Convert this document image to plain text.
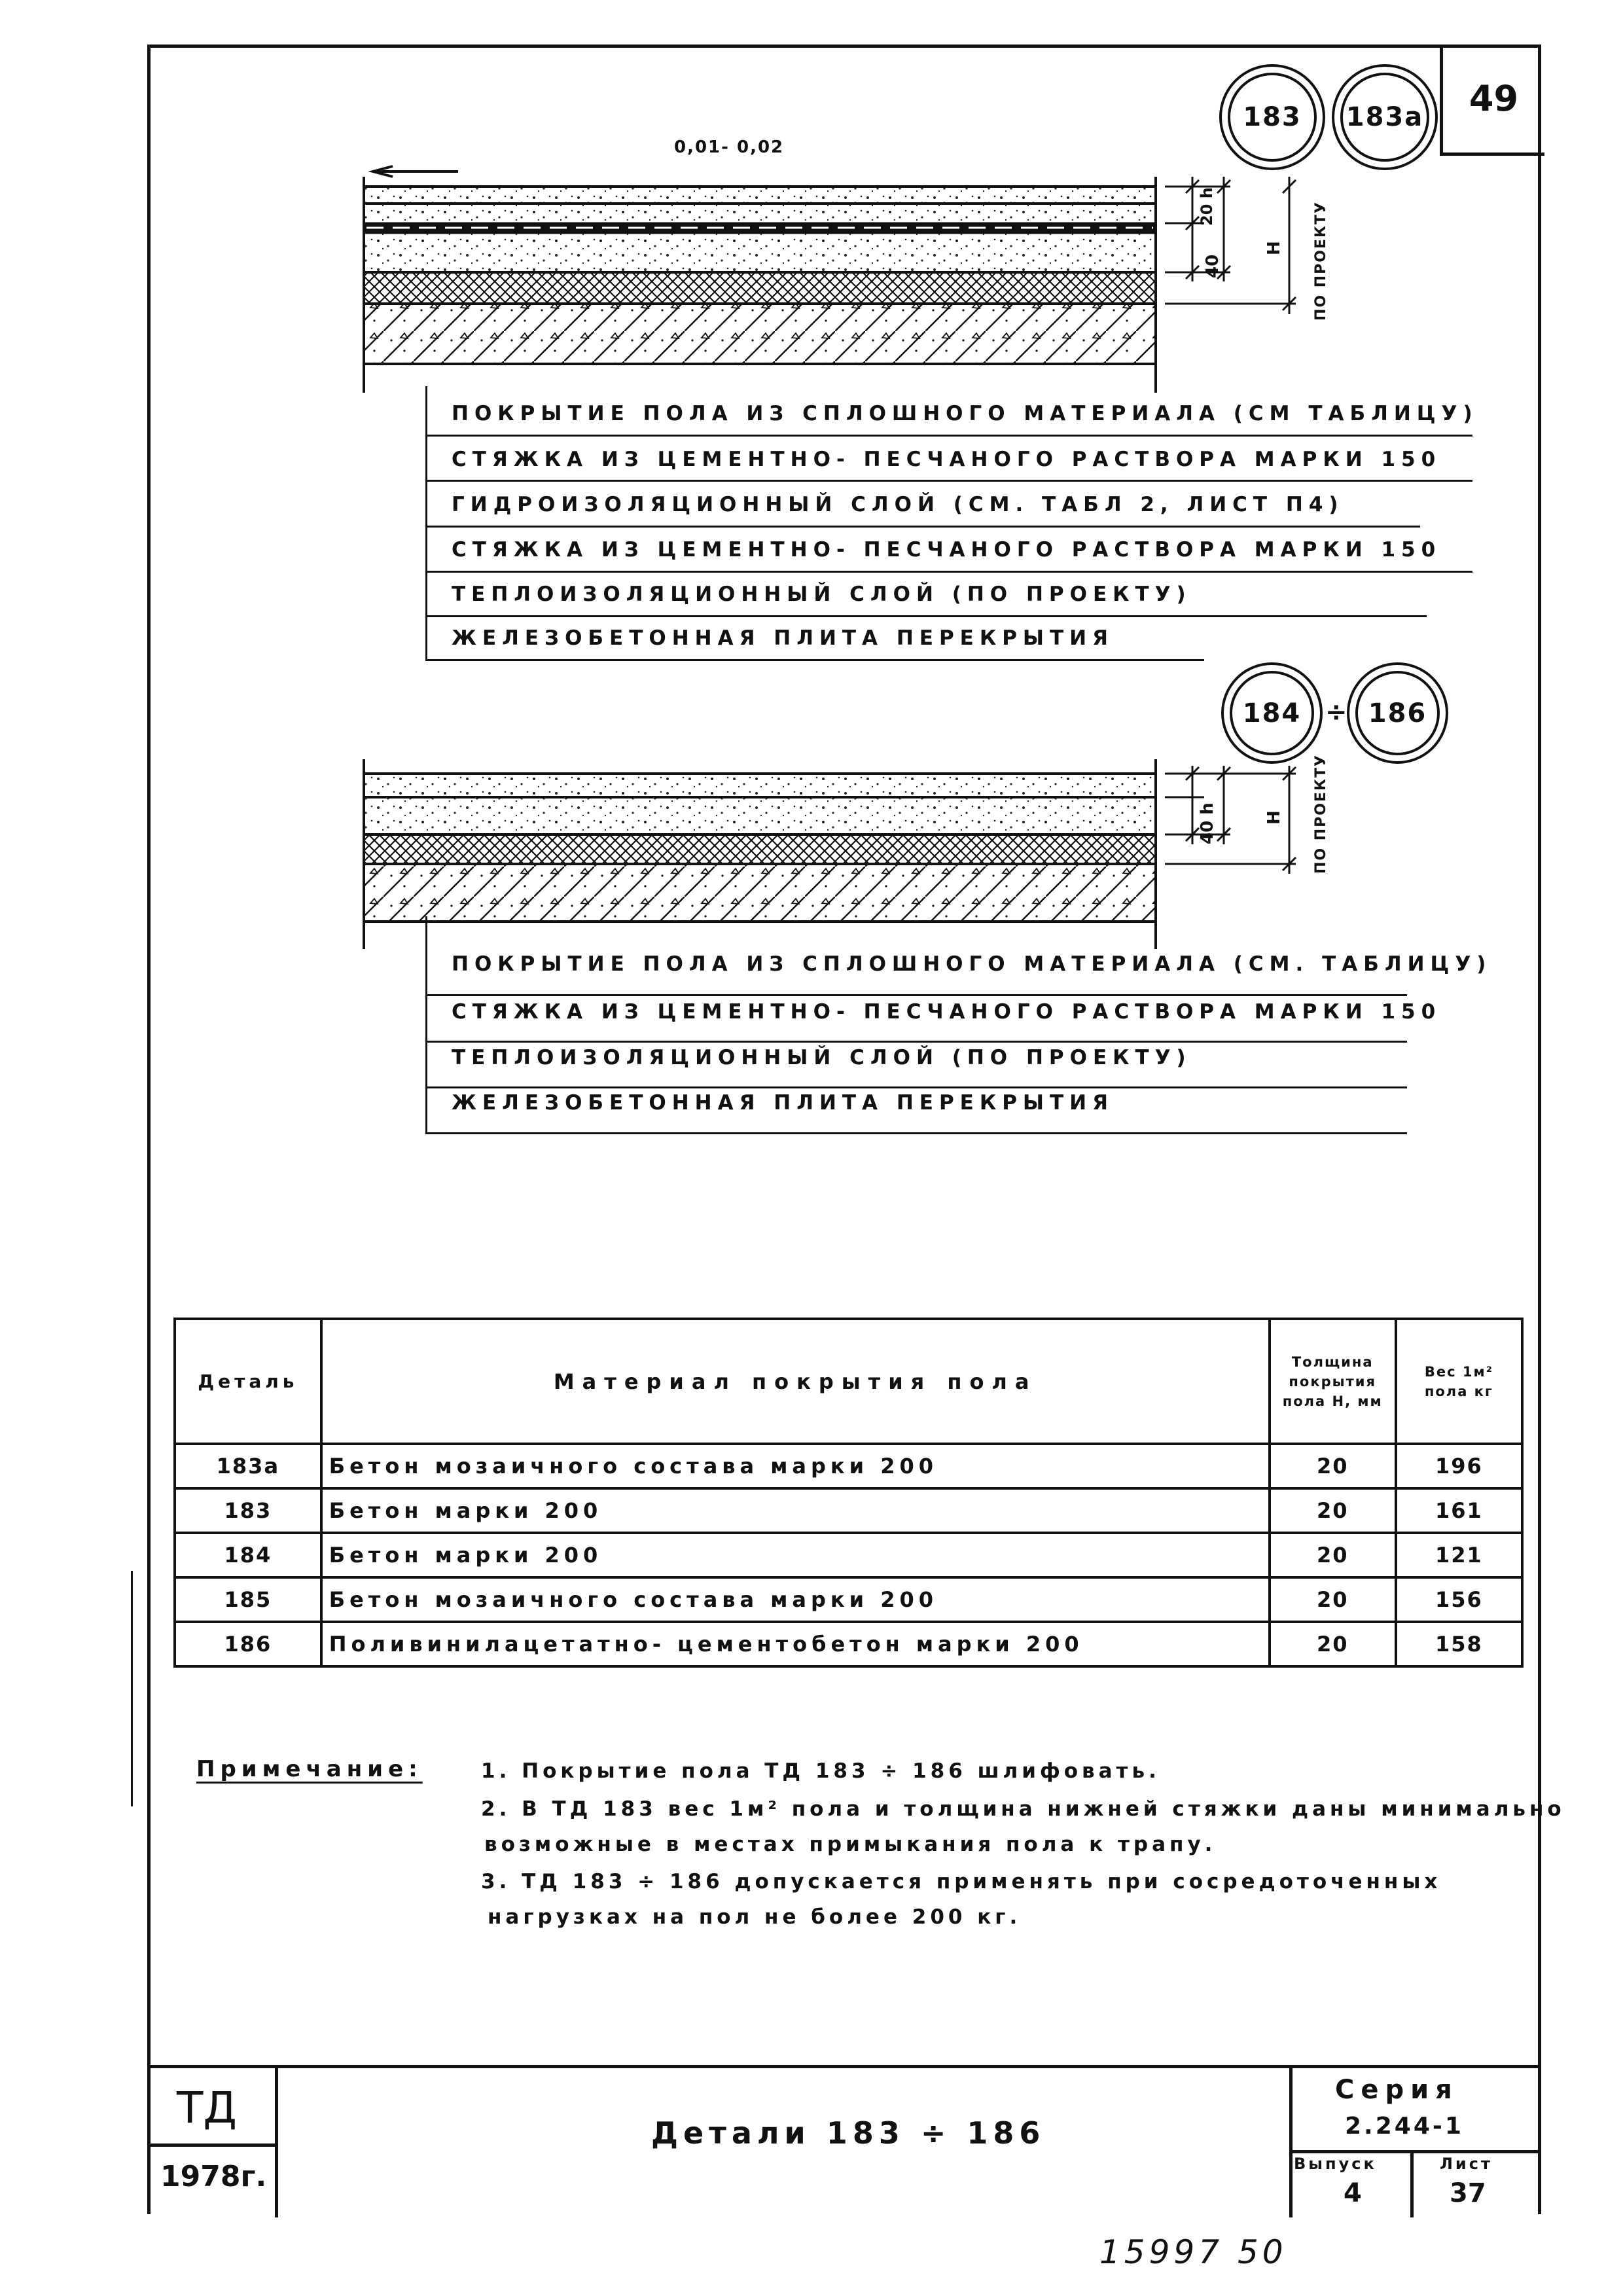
49
183	183а
0,01- 0,02
20 h
40
H ПО ПРОЕКТУ
ПОКРЫТИЕ ПОЛА ИЗ СПЛОШНОГО МАТЕРИАЛА (СМ ТАБЛИЦУ)
СТЯЖКА ИЗ ЦЕМЕНТНО- ПЕСЧАНОГО РАСТВОРА МАРКИ 150
ГИДРОИЗОЛЯЦИОННЫЙ СЛОЙ (СМ. ТАБЛ 2, ЛИСТ П4)
СТЯЖКА ИЗ ЦЕМЕНТНО- ПЕСЧАНОГО РАСТВОРА МАРКИ 150
ТЕПЛОИЗОЛЯЦИОННЫЙ СЛОЙ (ПО ПРОЕКТУ)
ЖЕЛЕЗОБЕТОННАЯ ПЛИТА ПЕРЕКРЫТИЯ
184 ÷ 186
40 h	H ПО ПРОЕКТУ
ПОКРЫТИЕ ПОЛА ИЗ СПЛОШНОГО МАТЕРИАЛА (СМ. ТАБЛИЦУ)
СТЯЖКА ИЗ ЦЕМЕНТНО- ПЕСЧАНОГО РАСТВОРА МАРКИ 150
ТЕПЛОИЗОЛЯЦИОННЫЙ СЛОЙ (ПО ПРОЕКТУ)
ЖЕЛЕЗОБЕТОННАЯ ПЛИТА ПЕРЕКРЫТИЯ
Деталь	Материал покрытия пола	Толщина покрытия пола H, мм	Вес 1м² пола кг
183а	Бетон мозаичного состава марки 200	20	196
183	Бетон марки 200	20	161
184	Бетон марки 200	20	121
185	Бетон мозаичного состава марки 200	20	156
186	Поливинилацетатно- цементобетон марки 200	20	158
Примечание:	1. Покрытие пола ТД 183 ÷ 186 шлифовать.
2. В ТД 183 вес 1м² пола и толщина нижней стяжки даны минимально
возможные в местах примыкания пола к трапу.
3. ТД 183 ÷ 186 допускается применять при сосредоточенных
нагрузках на пол не более 200 кг.
ТД
1978г.
Детали 183 ÷ 186
Серия
2.244-1
Выпуск
4
Лист
37
15997 50
